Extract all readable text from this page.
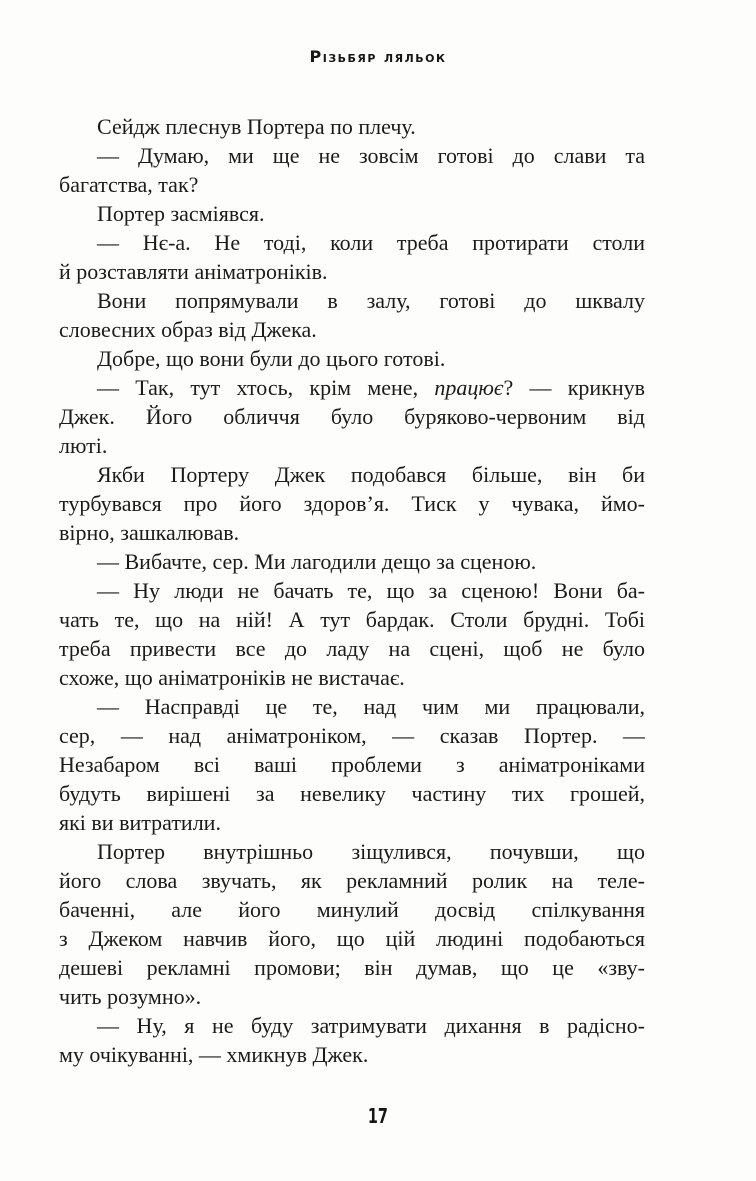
Різьбяр ляльок
Сейдж плеснув Портера по плечу.
— Думаю, ми ще не зовсім готові до слави та
багатства, так?
Портер засміявся.
— Нє-а. Не тоді, коли треба протирати столи
й розставляти аніматроніків.
Вони попрямували в залу, готові до шквалу
словесних образ від Джека.
Добре, що вони були до цього готові.
— Так, тут хтось, крім мене, працює? — крикнув
Джек. Його обличчя було буряково-червоним від
люті.
Якби Портеру Джек подобався більше, він би
турбувався про його здоров’я. Тиск у чувака, ймо-
вірно, зашкалював.
— Вибачте, сер. Ми лагодили дещо за сценою.
— Ну люди не бачать те, що за сценою! Вони ба-
чать те, що на ній! А тут бардак. Столи брудні. Тобі
треба привести все до ладу на сцені, щоб не було
схоже, що аніматроніків не вистачає.
— Насправді це те, над чим ми працювали,
сер, — над аніматроніком, — сказав Портер. —
Незабаром всі ваші проблеми з аніматроніками
будуть вирішені за невелику частину тих грошей,
які ви витратили.
Портер внутрішньо зіщулився, почувши, що
його слова звучать, як рекламний ролик на теле-
баченні, але його минулий досвід спілкування
з Джеком навчив його, що цій людині подобаються
дешеві рекламні промови; він думав, що це «зву-
чить розумно».
— Ну, я не буду затримувати дихання в радісно-
му очікуванні, — хмикнув Джек.
17
